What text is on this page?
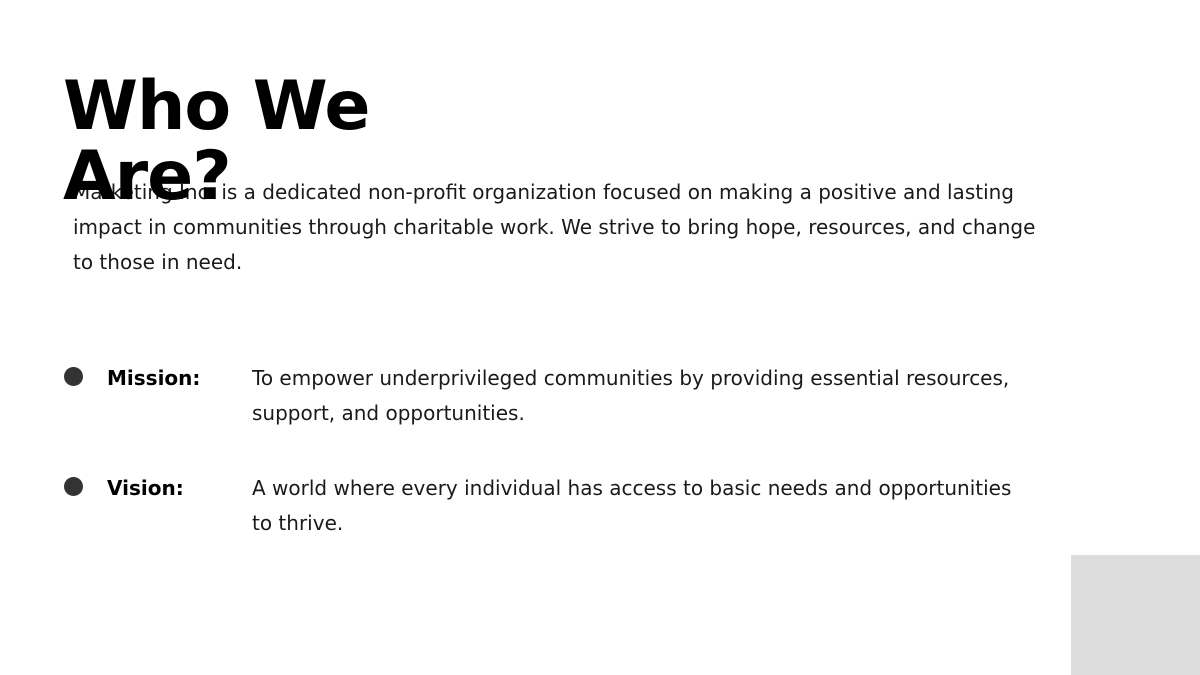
Who We Are?

Marketing Inc. is a dedicated non-profit organization focused on making a positive and lasting impact in communities through charitable work. We strive to bring hope, resources, and change to those in need.

Mission:	To empower underprivileged communities by providing essential resources, support, and opportunities.
Vision:	A world where every individual has access to basic needs and opportunities to thrive.
